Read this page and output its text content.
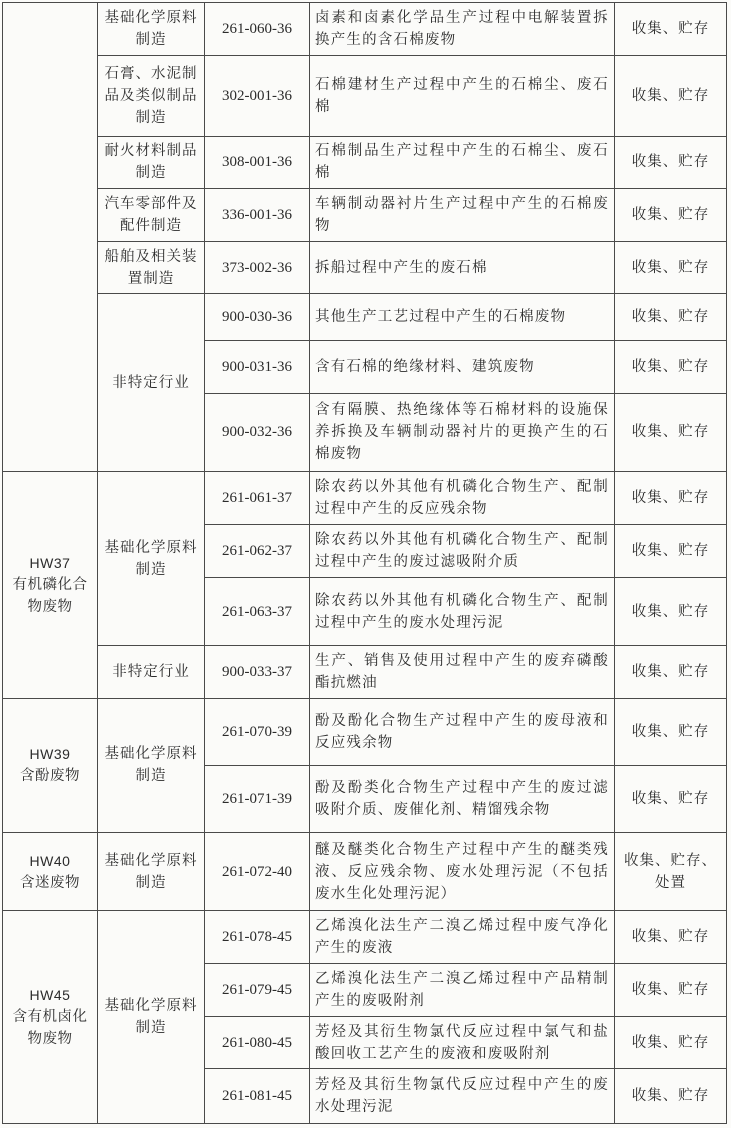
	基础化学原料制造	261-060-36	卤素和卤素化学品生产过程中电解装置拆换产生的含石棉废物	收集、贮存
	石膏、水泥制品及类似制品制造	302-001-36	石棉建材生产过程中产生的石棉尘、废石棉	收集、贮存
	耐火材料制品制造	308-001-36	石棉制品生产过程中产生的石棉尘、废石棉	收集、贮存
	汽车零部件及配件制造	336-001-36	车辆制动器衬片生产过程中产生的石棉废物	收集、贮存
	船舶及相关装置制造	373-002-36	拆船过程中产生的废石棉	收集、贮存
	非特定行业	900-030-36	其他生产工艺过程中产生的石棉废物	收集、贮存
		900-031-36	含有石棉的绝缘材料、建筑废物	收集、贮存
		900-032-36	含有隔膜、热绝缘体等石棉材料的设施保养拆换及车辆制动器衬片的更换产生的石棉废物	收集、贮存

HW37
有机磷化合物废物	基础化学原料制造	261-061-37	除农药以外其他有机磷化合物生产、配制过程中产生的反应残余物	收集、贮存
		261-062-37	除农药以外其他有机磷化合物生产、配制过程中产生的废过滤吸附介质	收集、贮存
		261-063-37	除农药以外其他有机磷化合物生产、配制过程中产生的废水处理污泥	收集、贮存
	非特定行业	900-033-37	生产、销售及使用过程中产生的废弃磷酸酯抗燃油	收集、贮存

HW39
含酚废物	基础化学原料制造	261-070-39	酚及酚化合物生产过程中产生的废母液和反应残余物	收集、贮存
		261-071-39	酚及酚类化合物生产过程中产生的废过滤吸附介质、废催化剂、精馏残余物	收集、贮存

HW40
含迷废物	基础化学原料制造	261-072-40	醚及醚类化合物生产过程中产生的醚类残液、反应残余物、废水处理污泥（不包括废水生化处理污泥）	收集、贮存、处置

HW45
含有机卤化物废物	基础化学原料制造	261-078-45	乙烯溴化法生产二溴乙烯过程中废气净化产生的废液	收集、贮存
		261-079-45	乙烯溴化法生产二溴乙烯过程中产品精制产生的废吸附剂	收集、贮存
		261-080-45	芳烃及其衍生物氯代反应过程中氯气和盐酸回收工艺产生的废液和废吸附剂	收集、贮存
		261-081-45	芳烃及其衍生物氯代反应过程中产生的废水处理污泥	收集、贮存
